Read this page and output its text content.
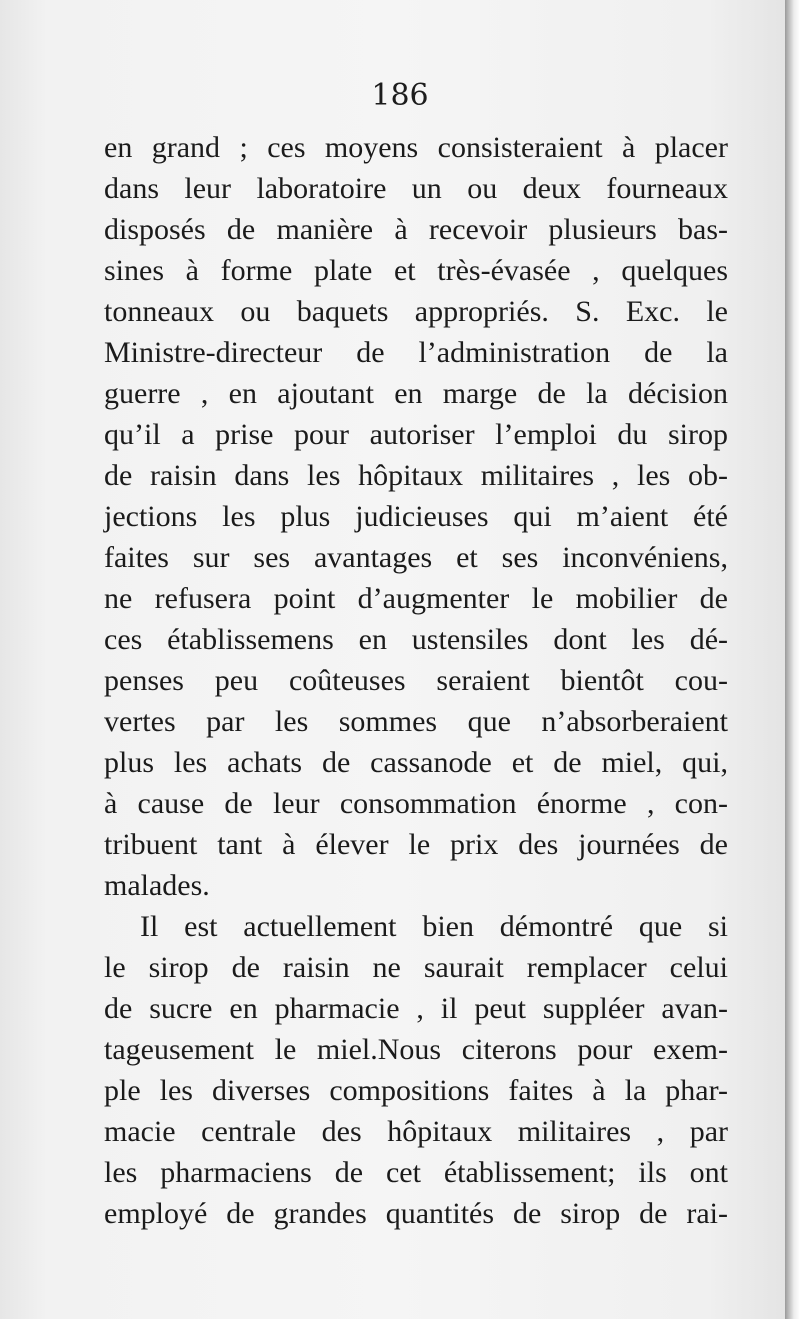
186
en grand ; ces moyens consisteraient à placer
dans leur laboratoire un ou deux fourneaux
disposés de manière à recevoir plusieurs bas-
sines à forme plate et très-évasée , quelques
tonneaux ou baquets appropriés. S. Exc. le
Ministre-directeur de l’administration de la
guerre , en ajoutant en marge de la décision
qu’il a prise pour autoriser l’emploi du sirop
de raisin dans les hôpitaux militaires , les ob-
jections les plus judicieuses qui m’aient été
faites sur ses avantages et ses inconvéniens,
ne refusera point d’augmenter le mobilier de
ces établissemens en ustensiles dont les dé-
penses peu coûteuses seraient bientôt cou-
vertes par les sommes que n’absorberaient
plus les achats de cassanode et de miel, qui,
à cause de leur consommation énorme , con-
tribuent tant à élever le prix des journées de
malades.
Il est actuellement bien démontré que si
le sirop de raisin ne saurait remplacer celui
de sucre en pharmacie , il peut suppléer avan-
tageusement le miel.Nous citerons pour exem-
ple les diverses compositions faites à la phar-
macie centrale des hôpitaux militaires , par
les pharmaciens de cet établissement; ils ont
employé de grandes quantités de sirop de rai-
